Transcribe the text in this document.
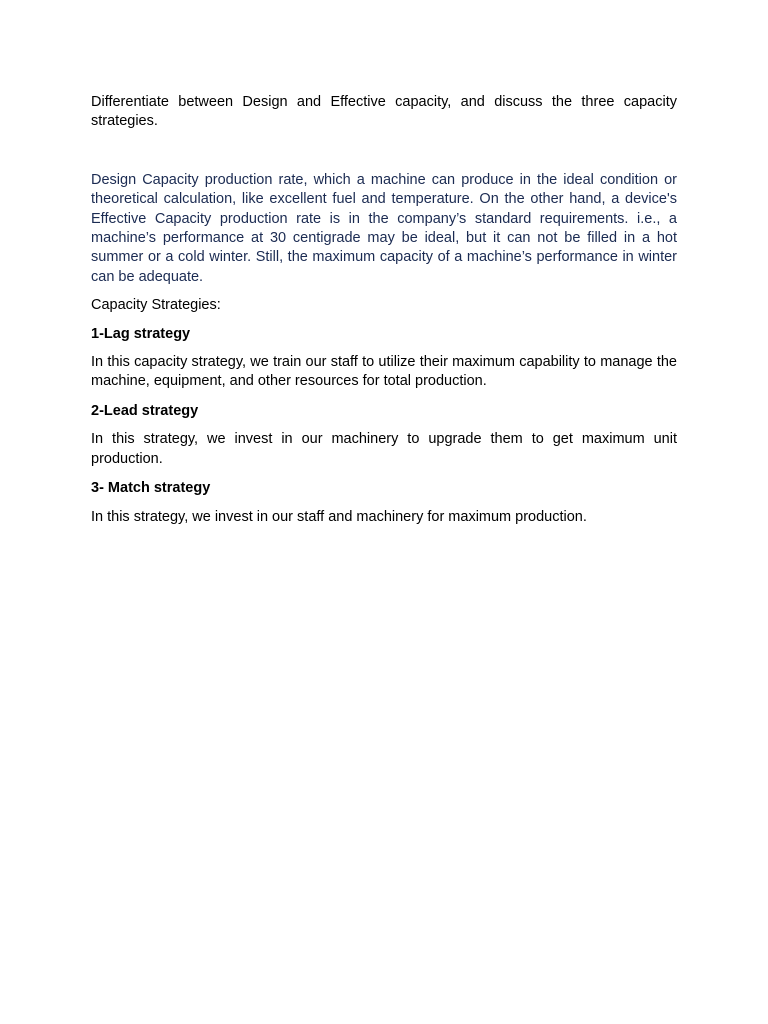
Differentiate between Design and Effective capacity, and discuss the three capacity strategies.

Design Capacity production rate, which a machine can produce in the ideal condition or theoretical calculation, like excellent fuel and temperature. On the other hand, a device's Effective Capacity production rate is in the company’s standard requirements. i.e., a machine’s performance at 30 centigrade may be ideal, but it can not be filled in a hot summer or a cold winter. Still, the maximum capacity of a machine’s performance in winter can be adequate.

Capacity Strategies:

1-Lag strategy

In this capacity strategy, we train our staff to utilize their maximum capability to manage the machine, equipment, and other resources for total production.

2-Lead strategy

In this strategy, we invest in our machinery to upgrade them to get maximum unit production.

3- Match strategy

In this strategy, we invest in our staff and machinery for maximum production.
